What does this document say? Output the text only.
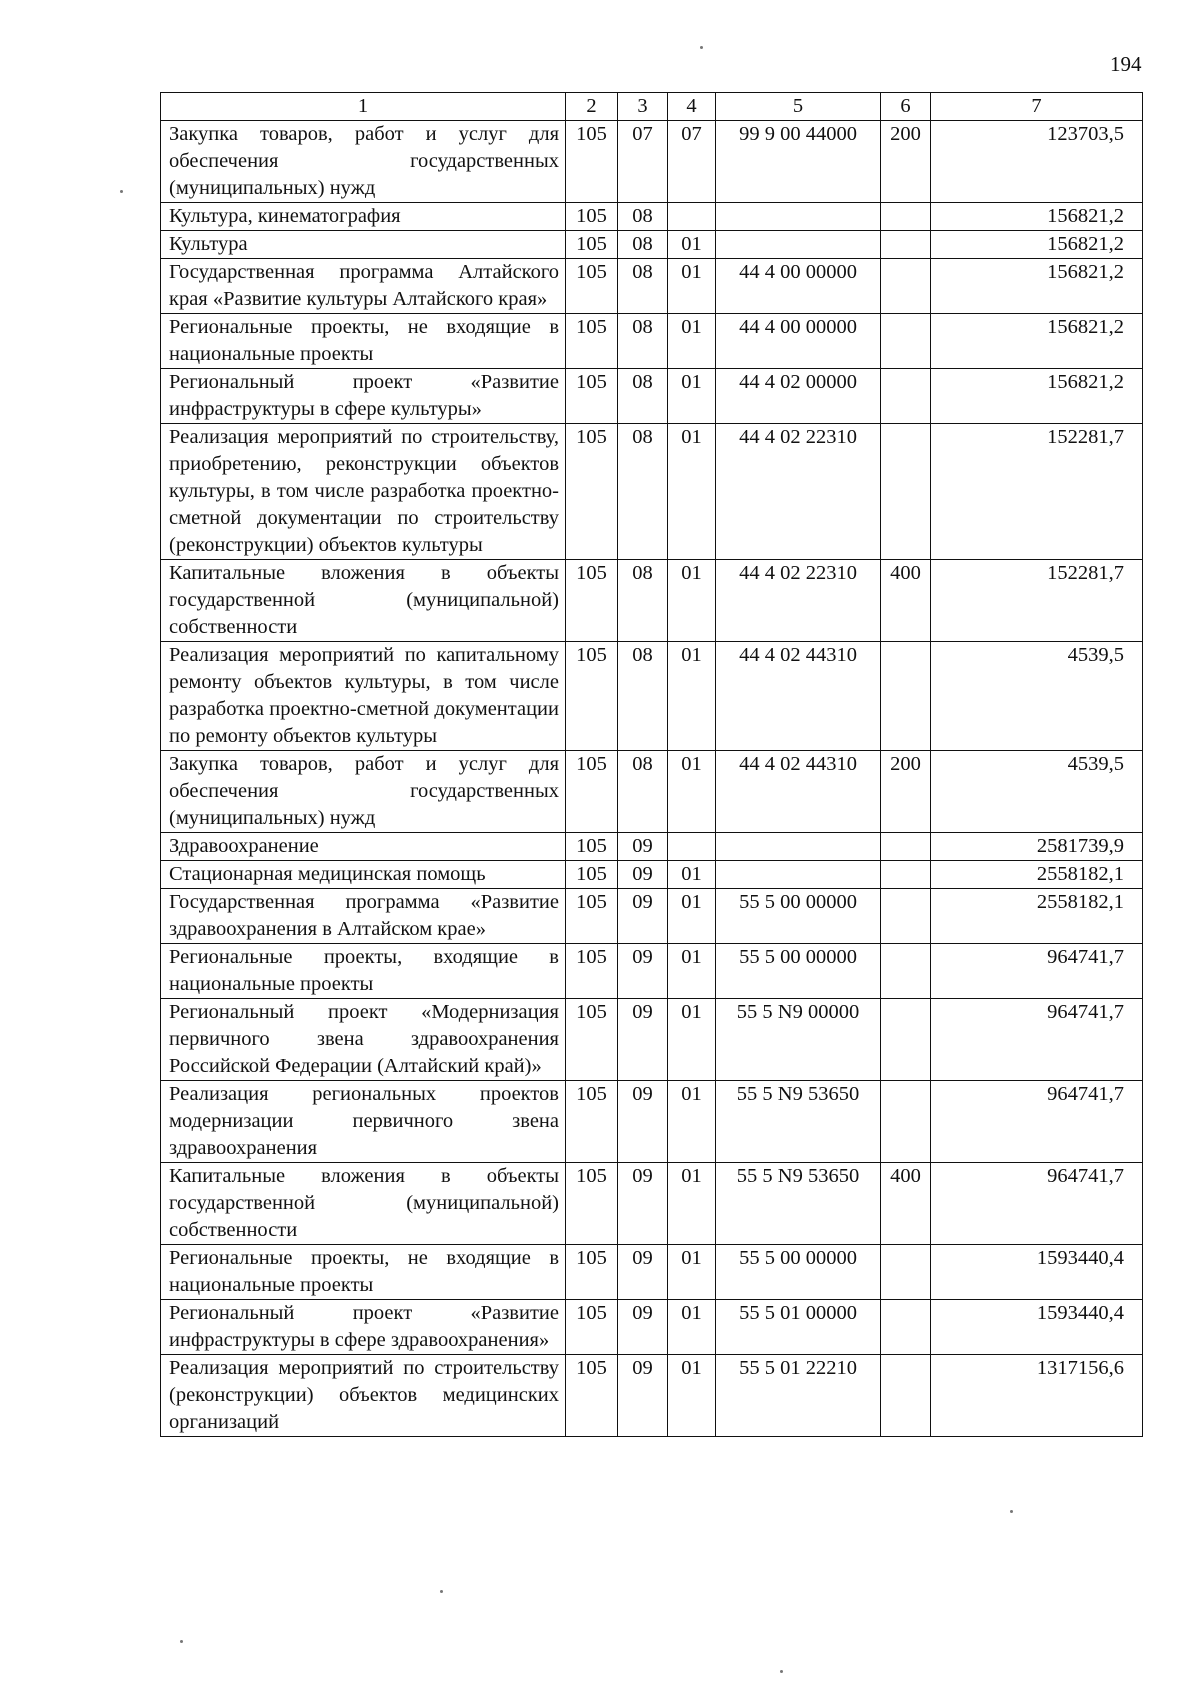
194
1	2	3	4	5	6	7
Закупка товаров, работ и услуг для обеспечения государственных (муниципальных) нужд	105	07	07	99 9 00 44000	200	123703,5
Культура, кинематография	105	08				156821,2
Культура	105	08	01			156821,2
Государственная программа Алтайского края «Развитие культуры Алтайского края»	105	08	01	44 4 00 00000		156821,2
Региональные проекты, не входящие в национальные проекты	105	08	01	44 4 00 00000		156821,2
Региональный проект «Развитие инфраструктуры в сфере культуры»	105	08	01	44 4 02 00000		156821,2
Реализация мероприятий по строительству, приобретению, реконструкции объектов культуры, в том числе разработка проектно-сметной документации по строительству (реконструкции) объектов культуры	105	08	01	44 4 02 22310		152281,7
Капитальные вложения в объекты государственной (муниципальной) собственности	105	08	01	44 4 02 22310	400	152281,7
Реализация мероприятий по капитальному ремонту объектов культуры, в том числе разработка проектно-сметной документации по ремонту объектов культуры	105	08	01	44 4 02 44310		4539,5
Закупка товаров, работ и услуг для обеспечения государственных (муниципальных) нужд	105	08	01	44 4 02 44310	200	4539,5
Здравоохранение	105	09				2581739,9
Стационарная медицинская помощь	105	09	01			2558182,1
Государственная программа «Развитие здравоохранения в Алтайском крае»	105	09	01	55 5 00 00000		2558182,1
Региональные проекты, входящие в национальные проекты	105	09	01	55 5 00 00000		964741,7
Региональный проект «Модернизация первичного звена здравоохранения Российской Федерации (Алтайский край)»	105	09	01	55 5 N9 00000		964741,7
Реализация региональных проектов модернизации первичного звена здравоохранения	105	09	01	55 5 N9 53650		964741,7
Капитальные вложения в объекты государственной (муниципальной) собственности	105	09	01	55 5 N9 53650	400	964741,7
Региональные проекты, не входящие в национальные проекты	105	09	01	55 5 00 00000		1593440,4
Региональный проект «Развитие инфраструктуры в сфере здравоохранения»	105	09	01	55 5 01 00000		1593440,4
Реализация мероприятий по строительству (реконструкции) объектов медицинских организаций	105	09	01	55 5 01 22210		1317156,6
